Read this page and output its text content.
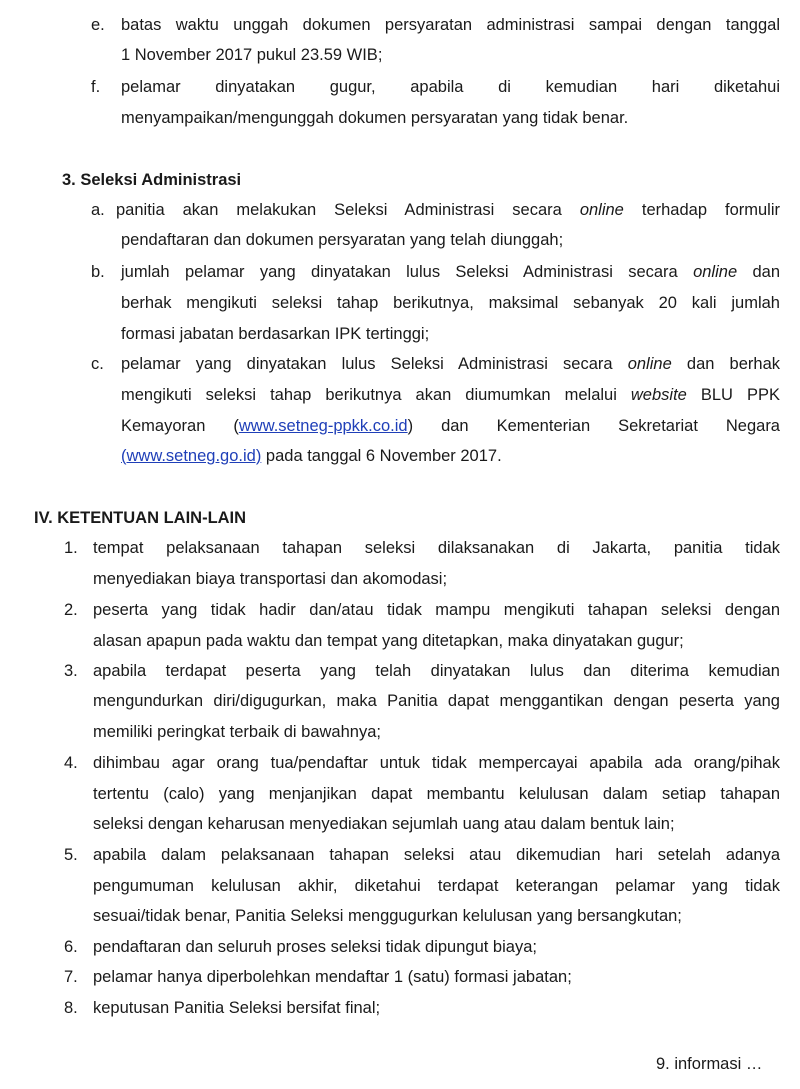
e. batas waktu unggah dokumen persyaratan administrasi sampai dengan tanggal
1 November 2017 pukul 23.59 WIB;
f. pelamar dinyatakan gugur, apabila di kemudian hari diketahui
menyampaikan/mengunggah dokumen persyaratan yang tidak benar.
3. Seleksi Administrasi
a. panitia akan melakukan Seleksi Administrasi secara online terhadap formulir
pendaftaran dan dokumen persyaratan yang telah diunggah;
b. jumlah pelamar yang dinyatakan lulus Seleksi Administrasi secara online dan
berhak mengikuti seleksi tahap berikutnya, maksimal sebanyak 20 kali jumlah
formasi jabatan berdasarkan IPK tertinggi;
c. pelamar yang dinyatakan lulus Seleksi Administrasi secara online dan berhak
mengikuti seleksi tahap berikutnya akan diumumkan melalui website BLU PPK
Kemayoran (www.setneg-ppkk.co.id) dan Kementerian Sekretariat Negara
(www.setneg.go.id) pada tanggal 6 November 2017.
IV. KETENTUAN LAIN-LAIN
1. tempat pelaksanaan tahapan seleksi dilaksanakan di Jakarta, panitia tidak
menyediakan biaya transportasi dan akomodasi;
2. peserta yang tidak hadir dan/atau tidak mampu mengikuti tahapan seleksi dengan
alasan apapun pada waktu dan tempat yang ditetapkan, maka dinyatakan gugur;
3. apabila terdapat peserta yang telah dinyatakan lulus dan diterima kemudian
mengundurkan diri/digugurkan, maka Panitia dapat menggantikan dengan peserta yang
memiliki peringkat terbaik di bawahnya;
4. dihimbau agar orang tua/pendaftar untuk tidak mempercayai apabila ada orang/pihak
tertentu (calo) yang menjanjikan dapat membantu kelulusan dalam setiap tahapan
seleksi dengan keharusan menyediakan sejumlah uang atau dalam bentuk lain;
5. apabila dalam pelaksanaan tahapan seleksi atau dikemudian hari setelah adanya
pengumuman kelulusan akhir, diketahui terdapat keterangan pelamar yang tidak
sesuai/tidak benar, Panitia Seleksi menggugurkan kelulusan yang bersangkutan;
6. pendaftaran dan seluruh proses seleksi tidak dipungut biaya;
7. pelamar hanya diperbolehkan mendaftar 1 (satu) formasi jabatan;
8. keputusan Panitia Seleksi bersifat final;
9. informasi …
